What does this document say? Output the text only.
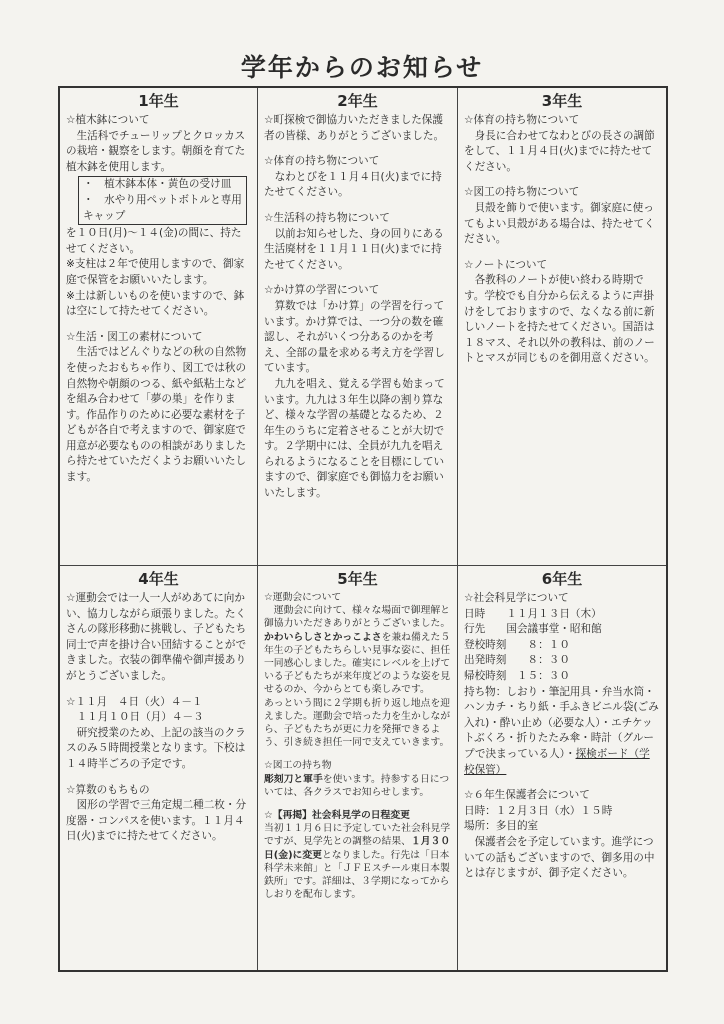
学年からのお知らせ
1年生

☆植木鉢について

　生活科でチューリップとクロッカスの栽培・観察をします。朝顔を育てた植木鉢を使用します。

・　植木鉢本体・黄色の受け皿
・　水やり用ペットボトルと専用キャップ

を１０日(月)～１４(金)の間に、持たせてください。
※支柱は２年で使用しますので、御家庭で保管をお願いいたします。
※土は新しいものを使いますので、鉢は空にして持たせてください。

☆生活・図工の素材について

　生活ではどんぐりなどの秋の自然物を使ったおもちゃ作り、図工では秋の自然物や朝顔のつる、紙や紙粘土などを組み合わせて「夢の巣」を作ります。作品作りのために必要な素材を子どもが各自で考えますので、御家庭で用意が必要なものの相談がありましたら持たせていただくようお願いいたします。

2年生

☆町探検で御協力いただきました保護者の皆様、ありがとうございました。

☆体育の持ち物について

　なわとびを１１月４日(火)までに持たせてください。

☆生活科の持ち物について

　以前お知らせした、身の回りにある生活廃材を１１月１１日(火)までに持たせてください。

☆かけ算の学習について

　算数では「かけ算」の学習を行っています。かけ算では、一つ分の数を確認し、それがいくつ分あるのかを考え、全部の量を求める考え方を学習しています。
　九九を唱え、覚える学習も始まっています。九九は３年生以降の割り算など、様々な学習の基礎となるため、２年生のうちに定着させることが大切です。２学期中には、全員が九九を唱えられるようになることを目標にしていますので、御家庭でも御協力をお願いいたします。

3年生

☆体育の持ち物について

　身長に合わせてなわとびの長さの調節をして、１１月４日(火)までに持たせてください。

☆図工の持ち物について

　貝殻を飾りで使います。御家庭に使ってもよい貝殻がある場合は、持たせてください。

☆ノートについて

　各教科のノートが使い終わる時期です。学校でも自分から伝えるように声掛けをしておりますので、なくなる前に新しいノートを持たせてください。国語は１８マス、それ以外の教科は、前のノートとマスが同じものを御用意ください。

4年生

☆運動会では一人一人がめあてに向かい、協力しながら頑張りました。たくさんの隊形移動に挑戦し、子どもたち同士で声を掛け合い団結することができました。衣装の御準備や御声援ありがとうございました。

☆１１月　４日（火）４－１
　１１月１０日（月）４－３

　研究授業のため、上記の該当のクラスのみ５時間授業となります。下校は１４時半ごろの予定です。

☆算数のもちもの

　図形の学習で三角定規二種二枚・分度器・コンパスを使います。１１月４日(火)までに持たせてください。

5年生

☆運動会について

　運動会に向けて、様々な場面で御理解と御協力いただきありがとうございました。かわいらしさとかっこよさを兼ね備えた５年生の子どもたちらしい見事な姿に、担任一同感心しました。確実にレベルを上げている子どもたちが来年度どのような姿を見せるのか、今からとても楽しみです。
あっという間に２学期も折り返し地点を迎えました。運動会で培った力を生かしながら、子どもたちが更に力を発揮できるよう、引き続き担任一同で支えていきます。

☆図工の持ち物

彫刻刀と軍手を使います。持参する日については、各クラスでお知らせします。

☆【再掲】社会科見学の日程変更

当初１１月６日に予定していた社会科見学ですが、見学先との調整の結果、１月３０日(金)に変更となりました。行先は「日本科学未来館」と「ＪＦＥスチール東日本製鉄所」です。詳細は、３学期になってからしおりを配布します。

6年生

☆社会科見学について

日時　　１１月１３日（木）
行先　　国会議事堂・昭和館
登校時刻　　８：１０
出発時刻　　８：３０
帰校時刻　１５：３０

持ち物：しおり・筆記用具・弁当水筒・ハンカチ・ちり紙・手ふきビニル袋(ごみ入れ)・酔い止め（必要な人）・エチケットぶくろ・折りたたみ傘・時計（グループで決まっている人）・探検ボード（学校保管）

☆６年生保護者会について

日時：１２月３日（水）１５時
場所：多目的室

　保護者会を予定しています。進学についての話もございますので、御多用の中とは存じますが、御予定ください。
